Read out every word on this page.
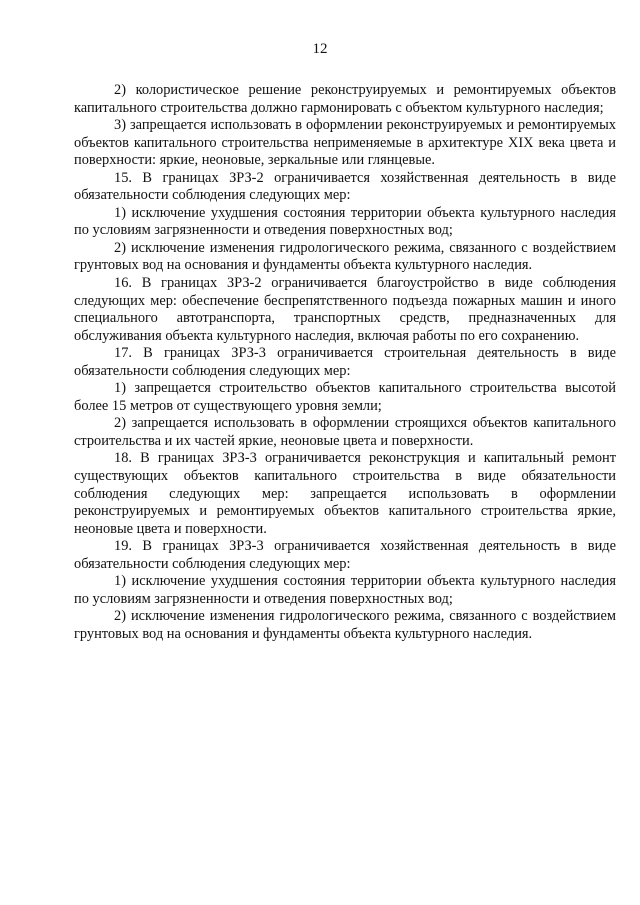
12

2) колористическое решение реконструируемых и ремонтируемых объектов капитального строительства должно гармонировать с объектом культурного наследия;

3) запрещается использовать в оформлении реконструируемых и ремонтируемых объектов капитального строительства неприменяемые в архитектуре XIX века цвета и поверхности: яркие, неоновые, зеркальные или глянцевые.

15. В границах ЗРЗ-2 ограничивается хозяйственная деятельность в виде обязательности соблюдения следующих мер:

1) исключение ухудшения состояния территории объекта культурного наследия по условиям загрязненности и отведения поверхностных вод;

2) исключение изменения гидрологического режима, связанного с воздействием грунтовых вод на основания и фундаменты объекта культурного наследия.

16. В границах ЗРЗ-2 ограничивается благоустройство в виде соблюдения следующих мер: обеспечение беспрепятственного подъезда пожарных машин и иного специального автотранспорта, транспортных средств, предназначенных для обслуживания объекта культурного наследия, включая работы по его сохранению.

17. В границах ЗРЗ-3 ограничивается строительная деятельность в виде обязательности соблюдения следующих мер:

1) запрещается строительство объектов капитального строительства высотой более 15 метров от существующего уровня земли;

2) запрещается использовать в оформлении строящихся объектов капитального строительства и их частей яркие, неоновые цвета и поверхности.

18. В границах ЗРЗ-3 ограничивается реконструкция и капитальный ремонт существующих объектов капитального строительства в виде обязательности соблюдения следующих мер: запрещается использовать в оформлении реконструируемых и ремонтируемых объектов капитального строительства яркие, неоновые цвета и поверхности.

19. В границах ЗРЗ-3 ограничивается хозяйственная деятельность в виде обязательности соблюдения следующих мер:

1) исключение ухудшения состояния территории объекта культурного наследия по условиям загрязненности и отведения поверхностных вод;

2) исключение изменения гидрологического режима, связанного с воздействием грунтовых вод на основания и фундаменты объекта культурного наследия.
